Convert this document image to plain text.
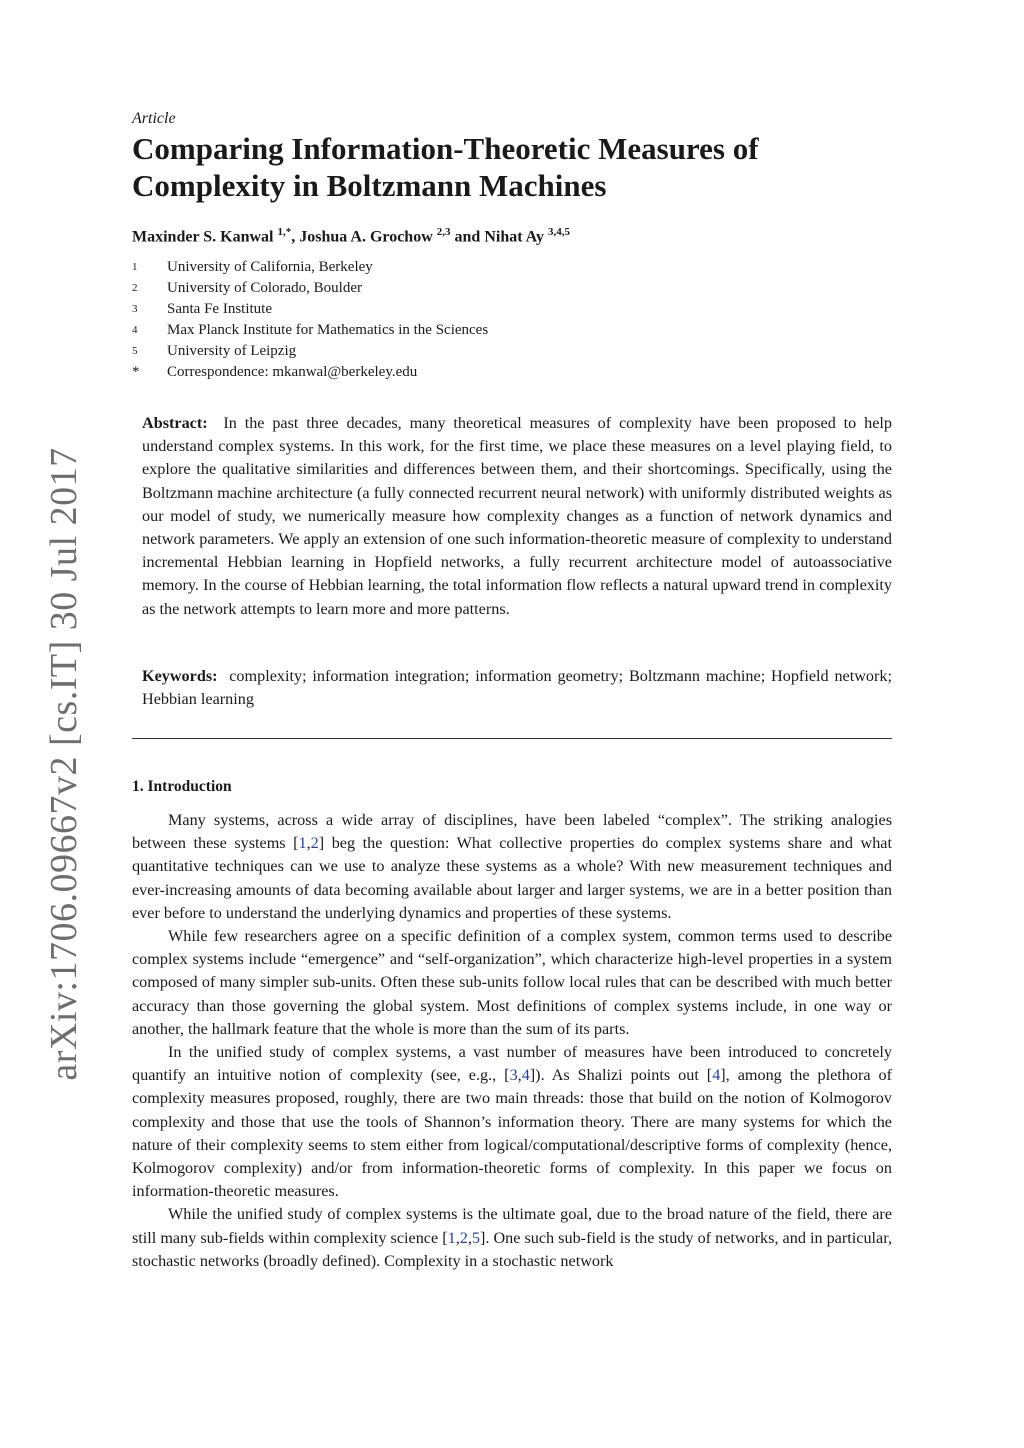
arXiv:1706.09667v2 [cs.IT] 30 Jul 2017
Article
Comparing Information-Theoretic Measures of Complexity in Boltzmann Machines
Maxinder S. Kanwal $^{1,*}$, Joshua A. Grochow $^{2,3}$ and Nihat Ay $^{3,4,5}$
1	University of California, Berkeley
2	University of Colorado, Boulder
3	Santa Fe Institute
4	Max Planck Institute for Mathematics in the Sciences
5	University of Leipzig
*	Correspondence: mkanwal@berkeley.edu
Abstract: In the past three decades, many theoretical measures of complexity have been proposed to help understand complex systems. In this work, for the first time, we place these measures on a level playing field, to explore the qualitative similarities and differences between them, and their shortcomings. Specifically, using the Boltzmann machine architecture (a fully connected recurrent neural network) with uniformly distributed weights as our model of study, we numerically measure how complexity changes as a function of network dynamics and network parameters. We apply an extension of one such information-theoretic measure of complexity to understand incremental Hebbian learning in Hopfield networks, a fully recurrent architecture model of autoassociative memory. In the course of Hebbian learning, the total information flow reflects a natural upward trend in complexity as the network attempts to learn more and more patterns.
Keywords: complexity; information integration; information geometry; Boltzmann machine; Hopfield network; Hebbian learning
1. Introduction

Many systems, across a wide array of disciplines, have been labeled “complex”. The striking analogies between these systems [1,2] beg the question: What collective properties do complex systems share and what quantitative techniques can we use to analyze these systems as a whole? With new measurement techniques and ever-increasing amounts of data becoming available about larger and larger systems, we are in a better position than ever before to understand the underlying dynamics and properties of these systems.

While few researchers agree on a specific definition of a complex system, common terms used to describe complex systems include “emergence” and “self-organization”, which characterize high-level properties in a system composed of many simpler sub-units. Often these sub-units follow local rules that can be described with much better accuracy than those governing the global system. Most definitions of complex systems include, in one way or another, the hallmark feature that the whole is more than the sum of its parts.

In the unified study of complex systems, a vast number of measures have been introduced to concretely quantify an intuitive notion of complexity (see, e.g., [3,4]). As Shalizi points out [4], among the plethora of complexity measures proposed, roughly, there are two main threads: those that build on the notion of Kolmogorov complexity and those that use the tools of Shannon’s information theory. There are many systems for which the nature of their complexity seems to stem either from logical/computational/descriptive forms of complexity (hence, Kolmogorov complexity) and/or from information-theoretic forms of complexity. In this paper we focus on information-theoretic measures.

While the unified study of complex systems is the ultimate goal, due to the broad nature of the field, there are still many sub-fields within complexity science [1,2,5]. One such sub-field is the study of networks, and in particular, stochastic networks (broadly defined). Complexity in a stochastic network
